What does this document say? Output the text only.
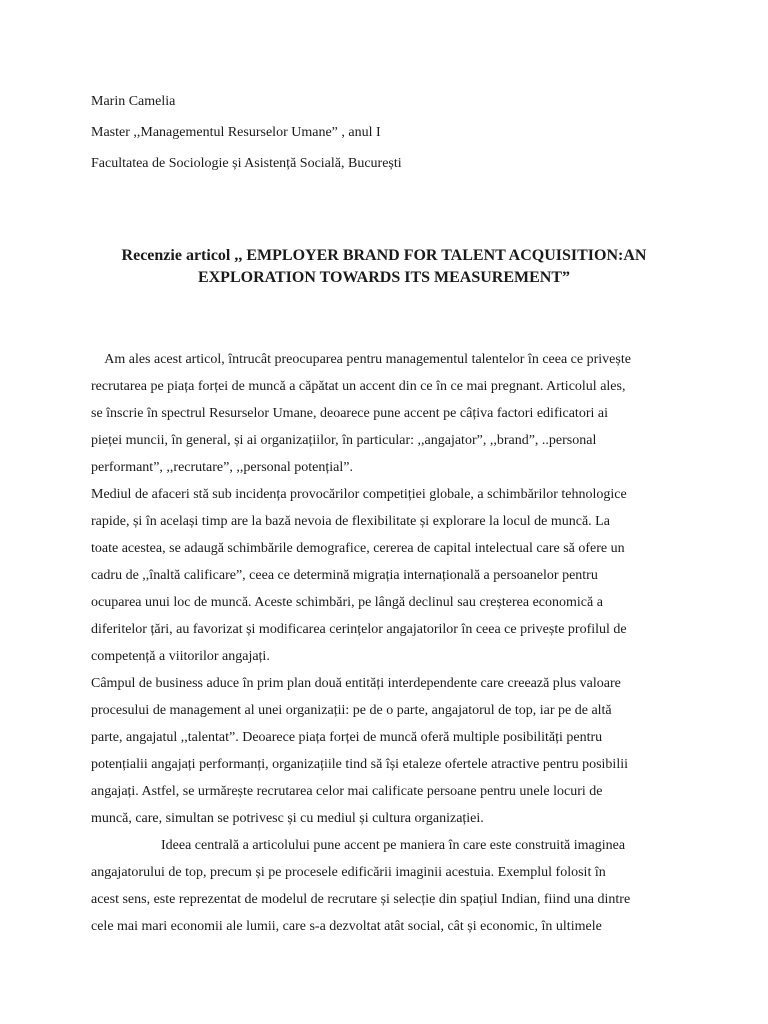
Marin Camelia
Master ,,Managementul Resurselor Umane” , anul I
Facultatea de Sociologie și Asistență Socială, București
Recenzie articol ,, EMPLOYER BRAND FOR TALENT ACQUISITION:AN
EXPLORATION TOWARDS ITS MEASUREMENT”
Am ales acest articol, întrucât preocuparea pentru managementul talentelor în ceea ce privește
recrutarea pe piața forței de muncă a căpătat un accent din ce în ce mai pregnant. Articolul ales,
se înscrie în spectrul Resurselor Umane, deoarece pune accent pe câțiva factori edificatori ai
pieței muncii, în general, și ai organizațiilor, în particular: ,,angajator”, ,,brand”, ..personal
performant”, ,,recrutare”, ,,personal potențial”.
Mediul de afaceri stă sub incidența provocărilor competiției globale, a schimbărilor tehnologice
rapide, și în același timp are la bază nevoia de flexibilitate și explorare la locul de muncă. La
toate acestea, se adaugă schimbările demografice, cererea de capital intelectual care să ofere un
cadru de ,,înaltă calificare”, ceea ce determină migrația internațională a persoanelor pentru
ocuparea unui loc de muncă. Aceste schimbări, pe lângă declinul sau creșterea economică a
diferitelor țări, au favorizat și modificarea cerințelor angajatorilor în ceea ce privește profilul de
competență a viitorilor angajați.
Câmpul de business aduce în prim plan două entități interdependente care creează plus valoare
procesului de management al unei organizații: pe de o parte, angajatorul de top, iar pe de altă
parte, angajatul ,,talentat”. Deoarece piața forței de muncă oferă multiple posibilități pentru
potențialii angajați performanți, organizațiile tind să își etaleze ofertele atractive pentru posibilii
angajați. Astfel, se urmărește recrutarea celor mai calificate persoane pentru unele locuri de
muncă, care, simultan se potrivesc și cu mediul și cultura organizației.
Ideea centrală a articolului pune accent pe maniera în care este construită imaginea
angajatorului de top, precum și pe procesele edificării imaginii acestuia. Exemplul folosit în
acest sens, este reprezentat de modelul de recrutare și selecție din spațiul Indian, fiind una dintre
cele mai mari economii ale lumii, care s-a dezvoltat atât social, cât și economic, în ultimele
